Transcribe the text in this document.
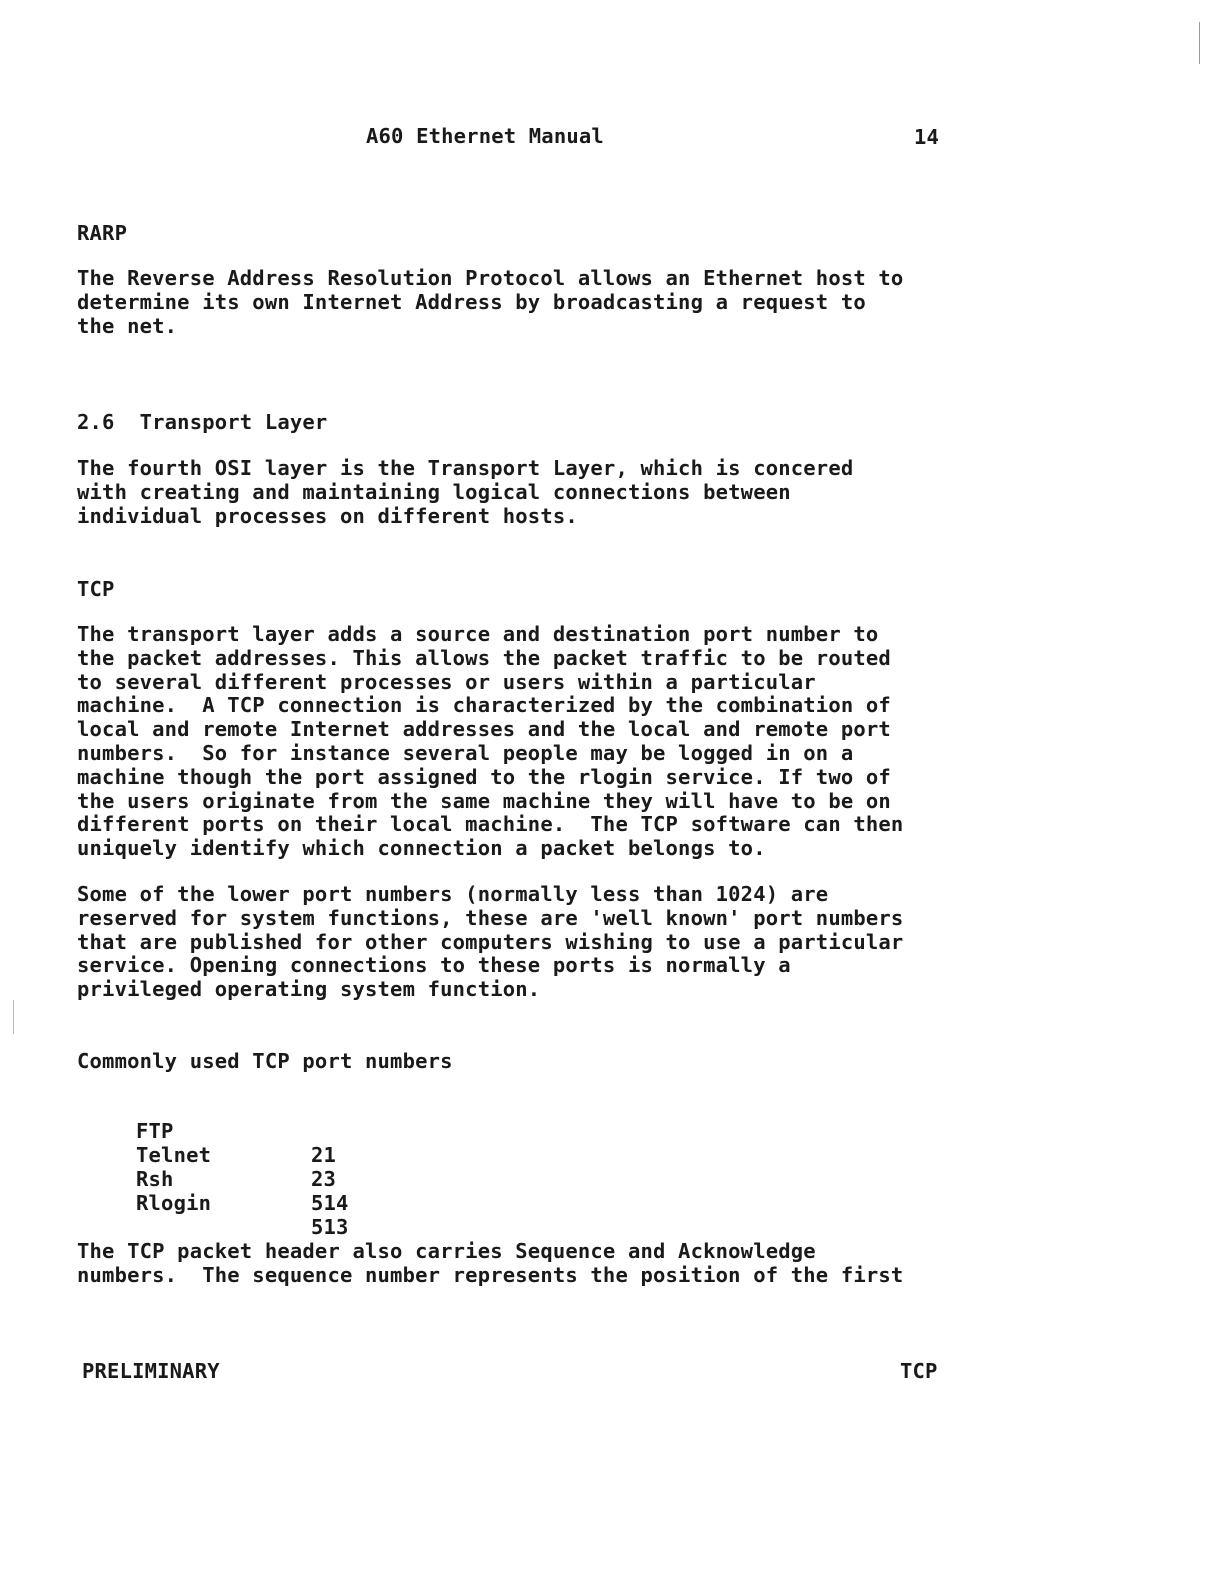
A60 Ethernet Manual	14
RARP
The Reverse Address Resolution Protocol allows an Ethernet host to
determine its own Internet Address by broadcasting a request to
the net.
2.6  Transport Layer
The fourth OSI layer is the Transport Layer, which is concered
with creating and maintaining logical connections between
individual processes on different hosts.
TCP
The transport layer adds a source and destination port number to
the packet addresses. This allows the packet traffic to be routed
to several different processes or users within a particular
machine.  A TCP connection is characterized by the combination of
local and remote Internet addresses and the local and remote port
numbers.  So for instance several people may be logged in on a
machine though the port assigned to the rlogin service. If two of
the users originate from the same machine they will have to be on
different ports on their local machine.  The TCP software can then
uniquely identify which connection a packet belongs to.
Some of the lower port numbers (normally less than 1024) are
reserved for system functions, these are 'well known' port numbers
that are published for other computers wishing to use a particular
service. Opening connections to these ports is normally a
privileged operating system function.
Commonly used TCP port numbers

FTP

21

Telnet

23

Rsh

514

Rlogin

513

The TCP packet header also carries Sequence and Acknowledge
numbers.  The sequence number represents the position of the first
PRELIMINARY	TCP
